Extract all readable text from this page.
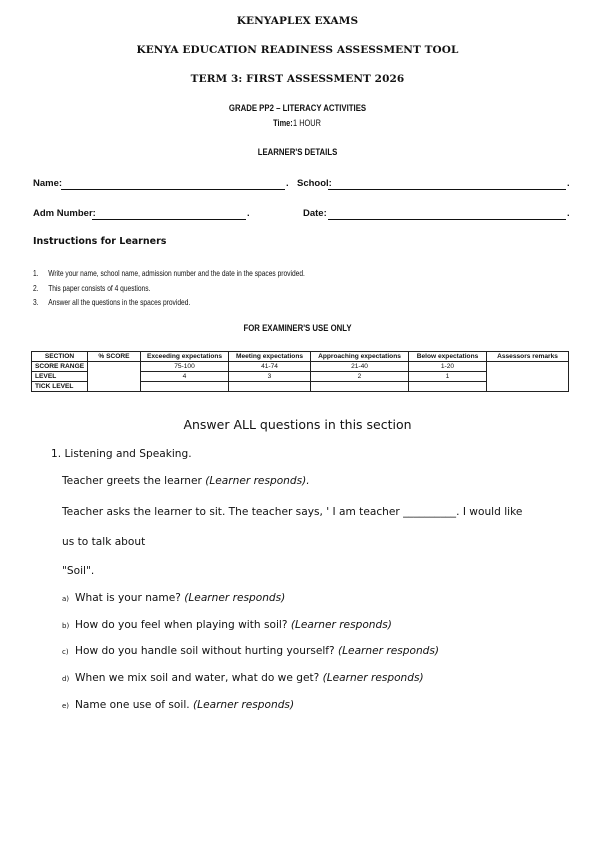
KENYAPLEX EXAMS
KENYA EDUCATION READINESS ASSESSMENT TOOL
TERM 3: FIRST ASSESSMENT 2026
GRADE PP2 – LITERACY ACTIVITIES
Time:1 HOUR
LEARNER'S DETAILS
Name:	. School:	.
Adm Number:	.	Date:	.
Instructions for Learners
1. Write your name, school name, admission number and the date in the spaces provided.
2. This paper consists of 4 questions.
3. Answer all the questions in the spaces provided.
FOR EXAMINER'S USE ONLY
SECTION	% SCORE	Exceeding expectations	Meeting expectations	Approaching expectations	Below expectations	Assessors remarks
SCORE RANGE		75-100	41-74	21-40	1-20	
LEVEL		4	3	2	1	
TICK LEVEL						
Answer ALL questions in this section
1. Listening and Speaking.
Teacher greets the learner (Learner responds).
Teacher asks the learner to sit. The teacher says, ' I am teacher __________. I would like
us to talk about
"Soil".
a) What is your name? (Learner responds)
b) How do you feel when playing with soil? (Learner responds)
c) How do you handle soil without hurting yourself? (Learner responds)
d) When we mix soil and water, what do we get? (Learner responds)
e) Name one use of soil. (Learner responds)
